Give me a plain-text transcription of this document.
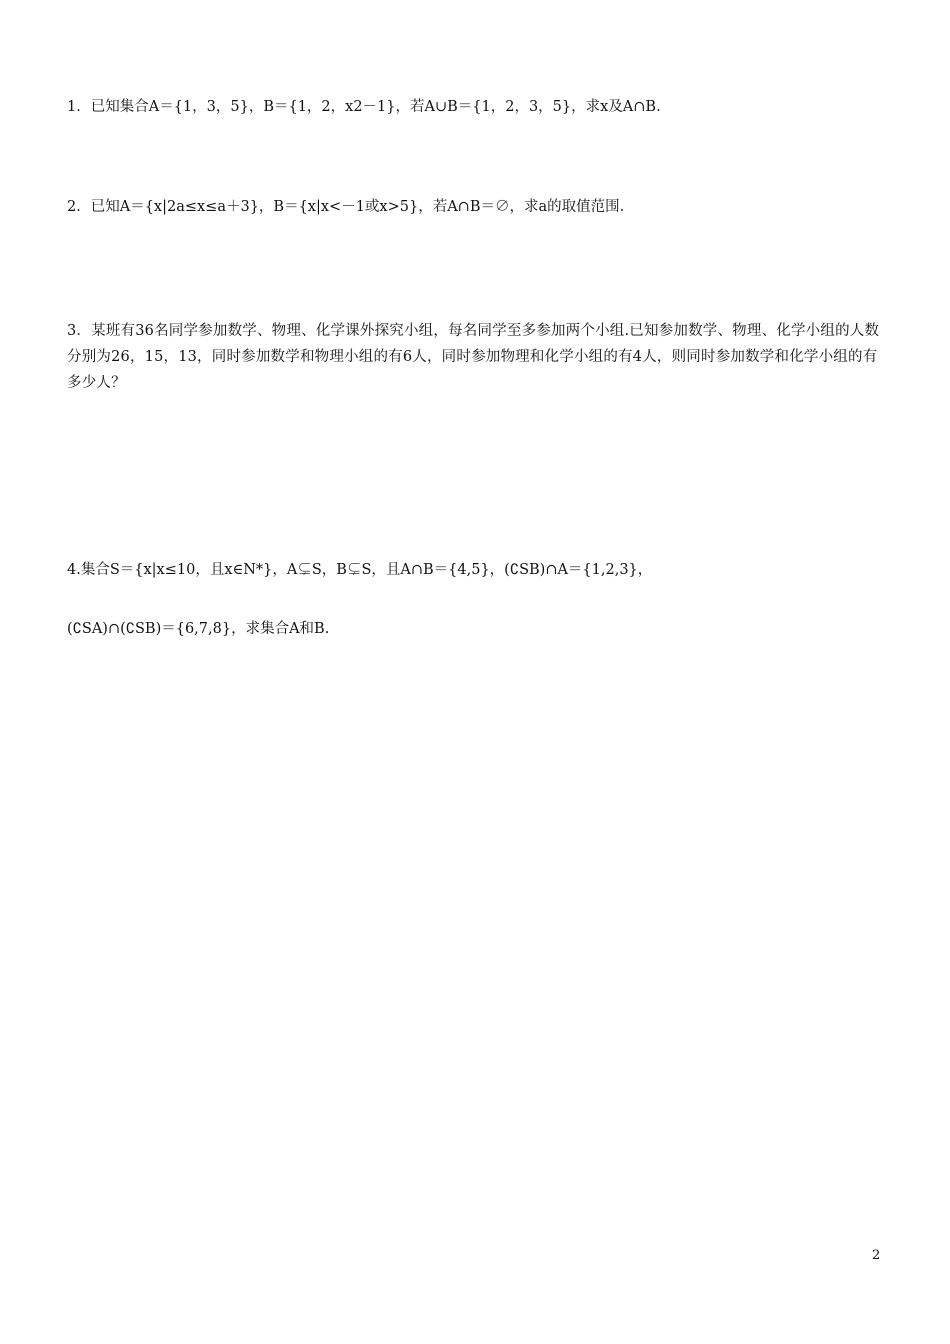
1．已知集合A＝{1，3，5}，B＝{1，2，x2－1}，若A∪B＝{1，2，3，5}，求x及A∩B.
2．已知A＝{x|2a≤x≤a＋3}，B＝{x|x<－1或x>5}，若A∩B＝∅，求a的取值范围.
3．某班有36名同学参加数学、物理、化学课外探究小组，每名同学至多参加两个小组.已知参加数学、物理、化学小组的人数分别为26，15，13，同时参加数学和物理小组的有6人，同时参加物理和化学小组的有4人，则同时参加数学和化学小组的有多少人？
4.集合S＝{x|x≤10，且x∈N*}，A⊊S，B⊊S，且A∩B＝{4,5}，(∁SB)∩A＝{1,2,3}，
(∁SA)∩(∁SB)＝{6,7,8}，求集合A和B.
2
